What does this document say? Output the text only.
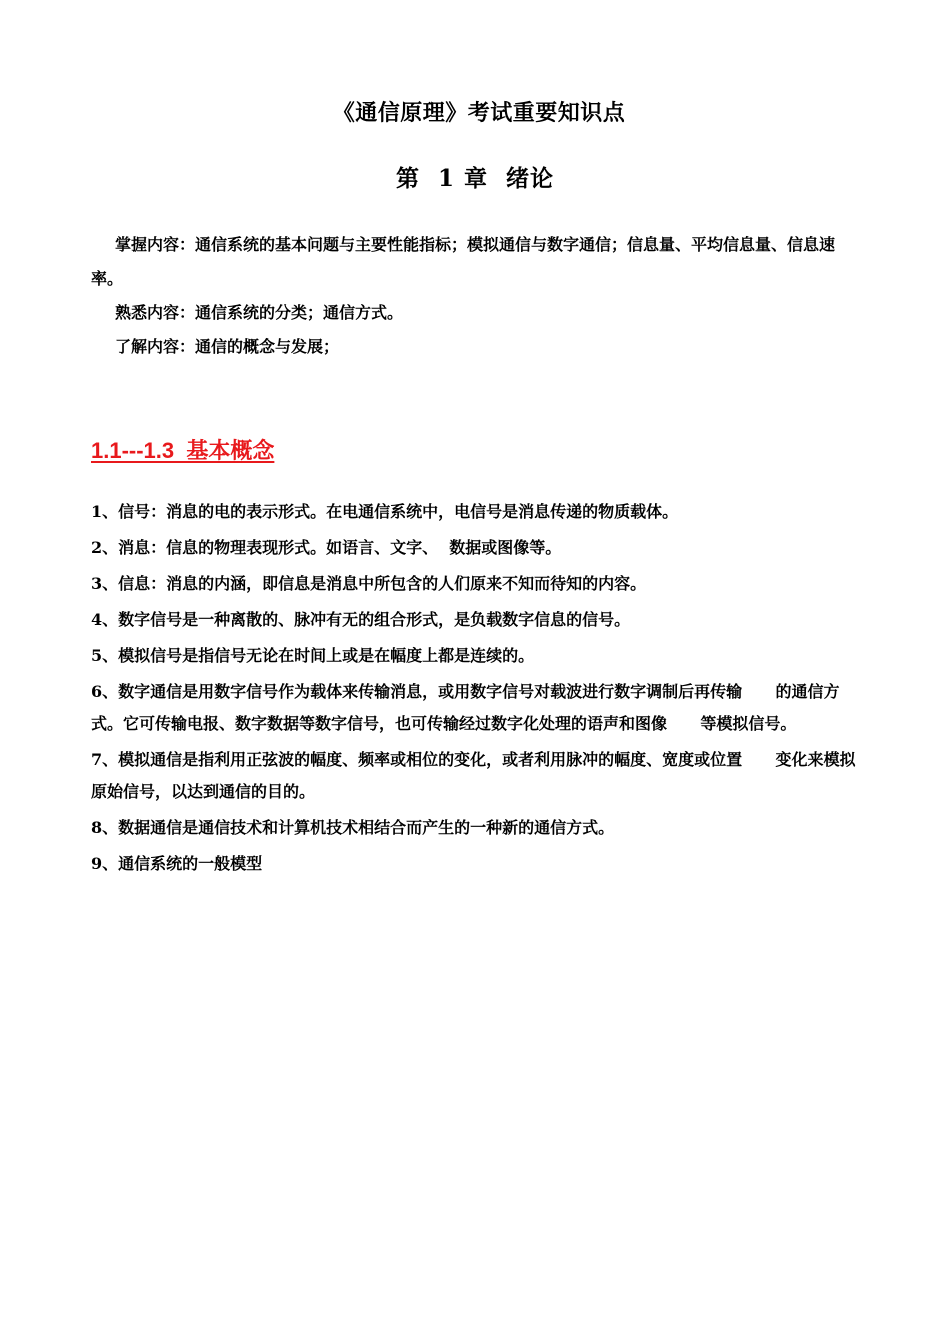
《通信原理》考试重要知识点
第  1 章  绪论

掌握内容：通信系统的基本问题与主要性能指标；模拟通信与数字通信；信息量、平均信息量、信息速率。

熟悉内容：通信系统的分类；通信方式。

了解内容：通信的概念与发展；

1.1---1.3  基本概念

1、信号：消息的电的表示形式。在电通信系统中，电信号是消息传递的物质载体。

2、消息：信息的物理表现形式。如语言、文字、  数据或图像等。

3、信息：消息的内涵，即信息是消息中所包含的人们原来不知而待知的内容。

4、数字信号是一种离散的、脉冲有无的组合形式，是负载数字信息的信号。

5、模拟信号是指信号无论在时间上或是在幅度上都是连续的。

6、数字通信是用数字信号作为载体来传输消息，或用数字信号对载波进行数字调制后再传输      的通信方式。它可传输电报、数字数据等数字信号，也可传输经过数字化处理的语声和图像      等模拟信号。

7、模拟通信是指利用正弦波的幅度、频率或相位的变化，或者利用脉冲的幅度、宽度或位置      变化来模拟原始信号，以达到通信的目的。

8、数据通信是通信技术和计算机技术相结合而产生的一种新的通信方式。

9、通信系统的一般模型
